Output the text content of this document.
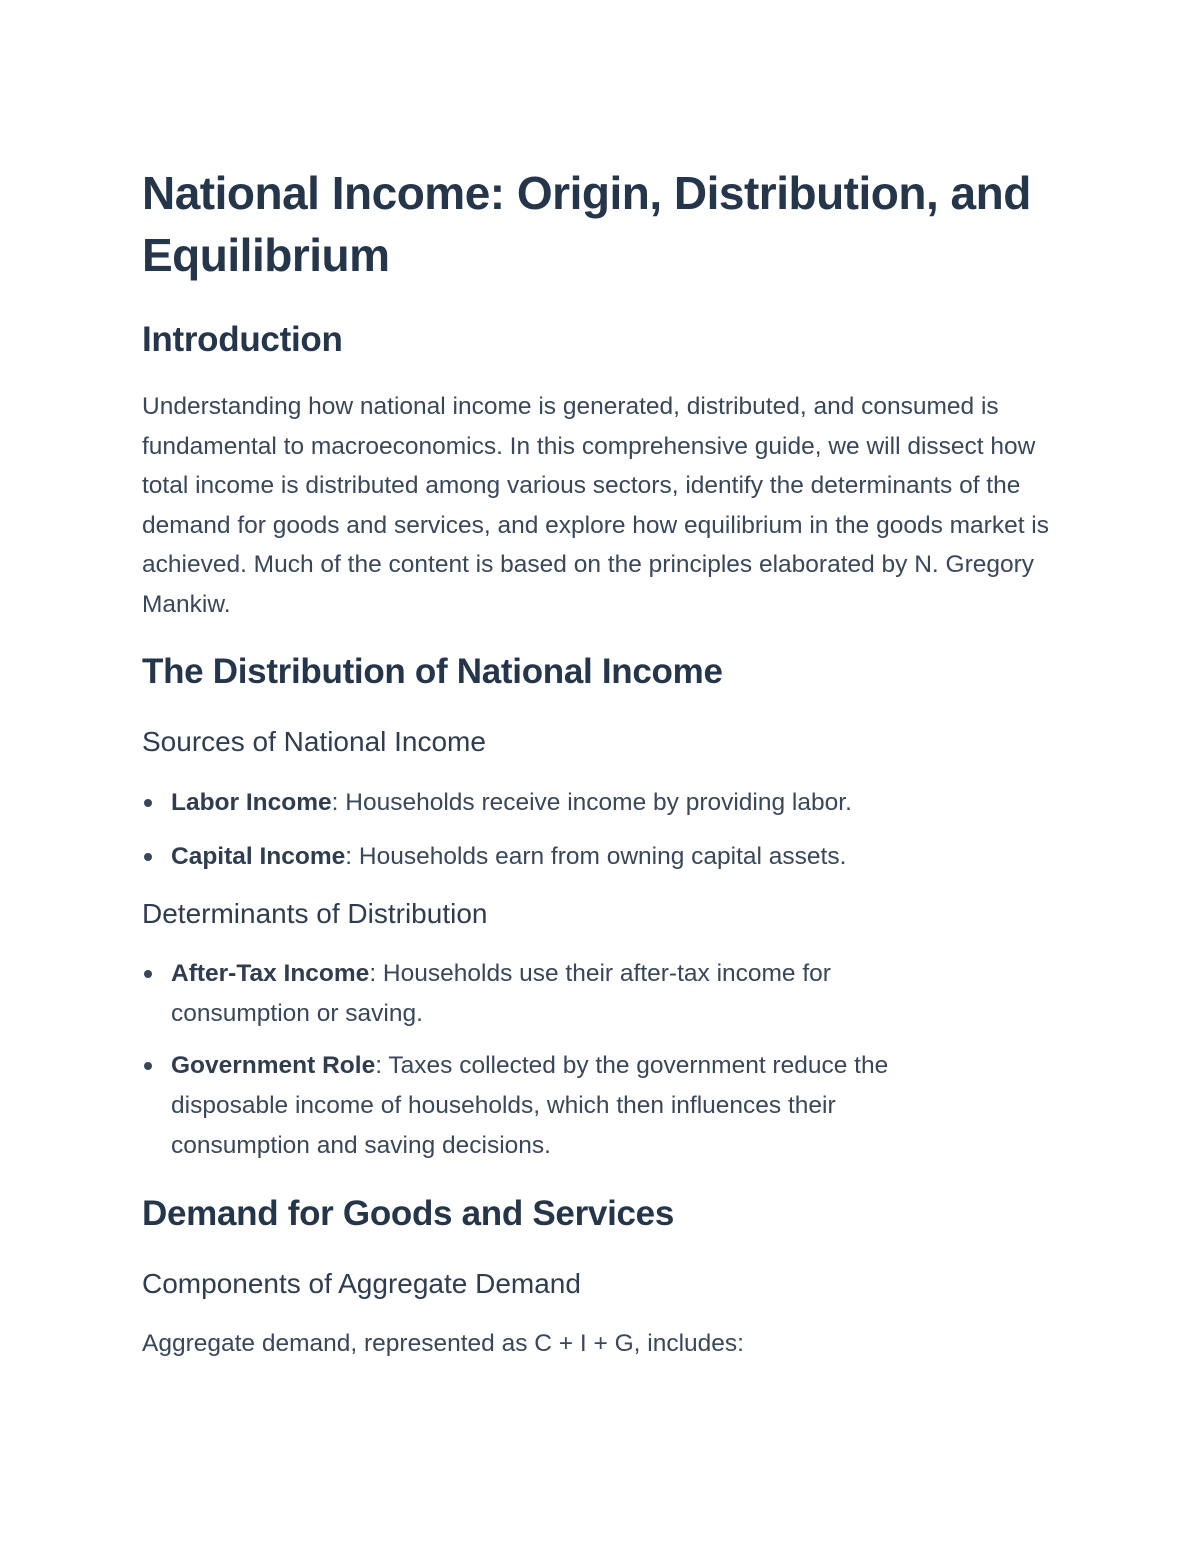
National Income: Origin, Distribution, and Equilibrium
Introduction

Understanding how national income is generated, distributed, and consumed is fundamental to macroeconomics. In this comprehensive guide, we will dissect how total income is distributed among various sectors, identify the determinants of the demand for goods and services, and explore how equilibrium in the goods market is achieved. Much of the content is based on the principles elaborated by N. Gregory Mankiw.

The Distribution of National Income
Sources of National Income
Labor Income: Households receive income by providing labor.
Capital Income: Households earn from owning capital assets.
Determinants of Distribution
After-Tax Income: Households use their after-tax income for consumption or saving.
Government Role: Taxes collected by the government reduce the disposable income of households, which then influences their consumption and saving decisions.
Demand for Goods and Services
Components of Aggregate Demand

Aggregate demand, represented as C + I + G, includes:
